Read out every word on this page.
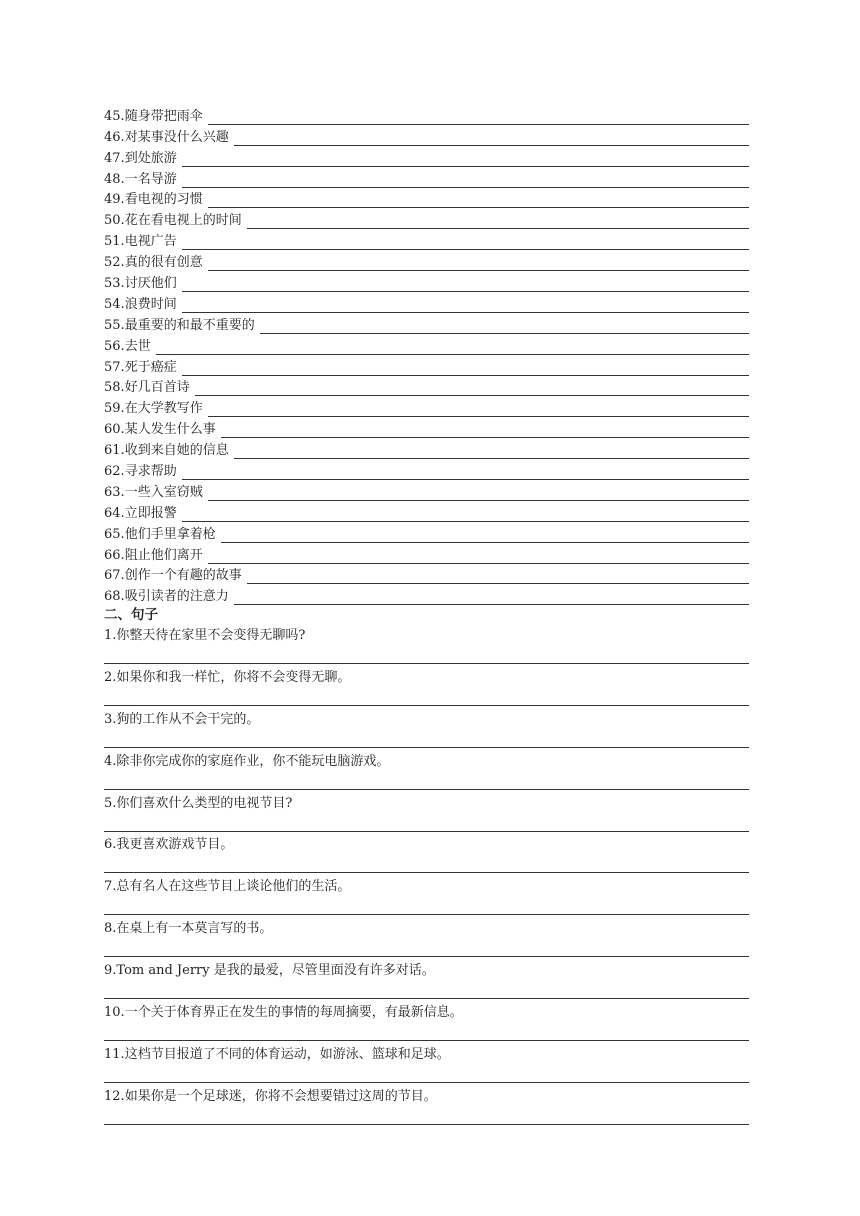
45. 随身带把雨伞
46. 对某事没什么兴趣
47. 到处旅游
48. 一名导游
49. 看电视的习惯
50. 花在看电视上的时间
51. 电视广告
52. 真的很有创意
53. 讨厌他们
54. 浪费时间
55. 最重要的和最不重要的
56. 去世
57. 死于癌症
58. 好几百首诗
59. 在大学教写作
60. 某人发生什么事
61. 收到来自她的信息
62. 寻求帮助
63. 一些入室窃贼
64. 立即报警
65. 他们手里拿着枪
66. 阻止他们离开
67. 创作一个有趣的故事
68. 吸引读者的注意力
二、句子
1.你整天待在家里不会变得无聊吗?
2.如果你和我一样忙，你将不会变得无聊。
3.狗的工作从不会干完的。
4.除非你完成你的家庭作业，你不能玩电脑游戏。
5.你们喜欢什么类型的电视节目?
6.我更喜欢游戏节目。
7.总有名人在这些节目上谈论他们的生活。
8.在桌上有一本莫言写的书。
9.Tom and Jerry 是我的最爱，尽管里面没有许多对话。
10.一个关于体育界正在发生的事情的每周摘要，有最新信息。
11.这档节目报道了不同的体育运动，如游泳、篮球和足球。
12.如果你是一个足球迷，你将不会想要错过这周的节目。
